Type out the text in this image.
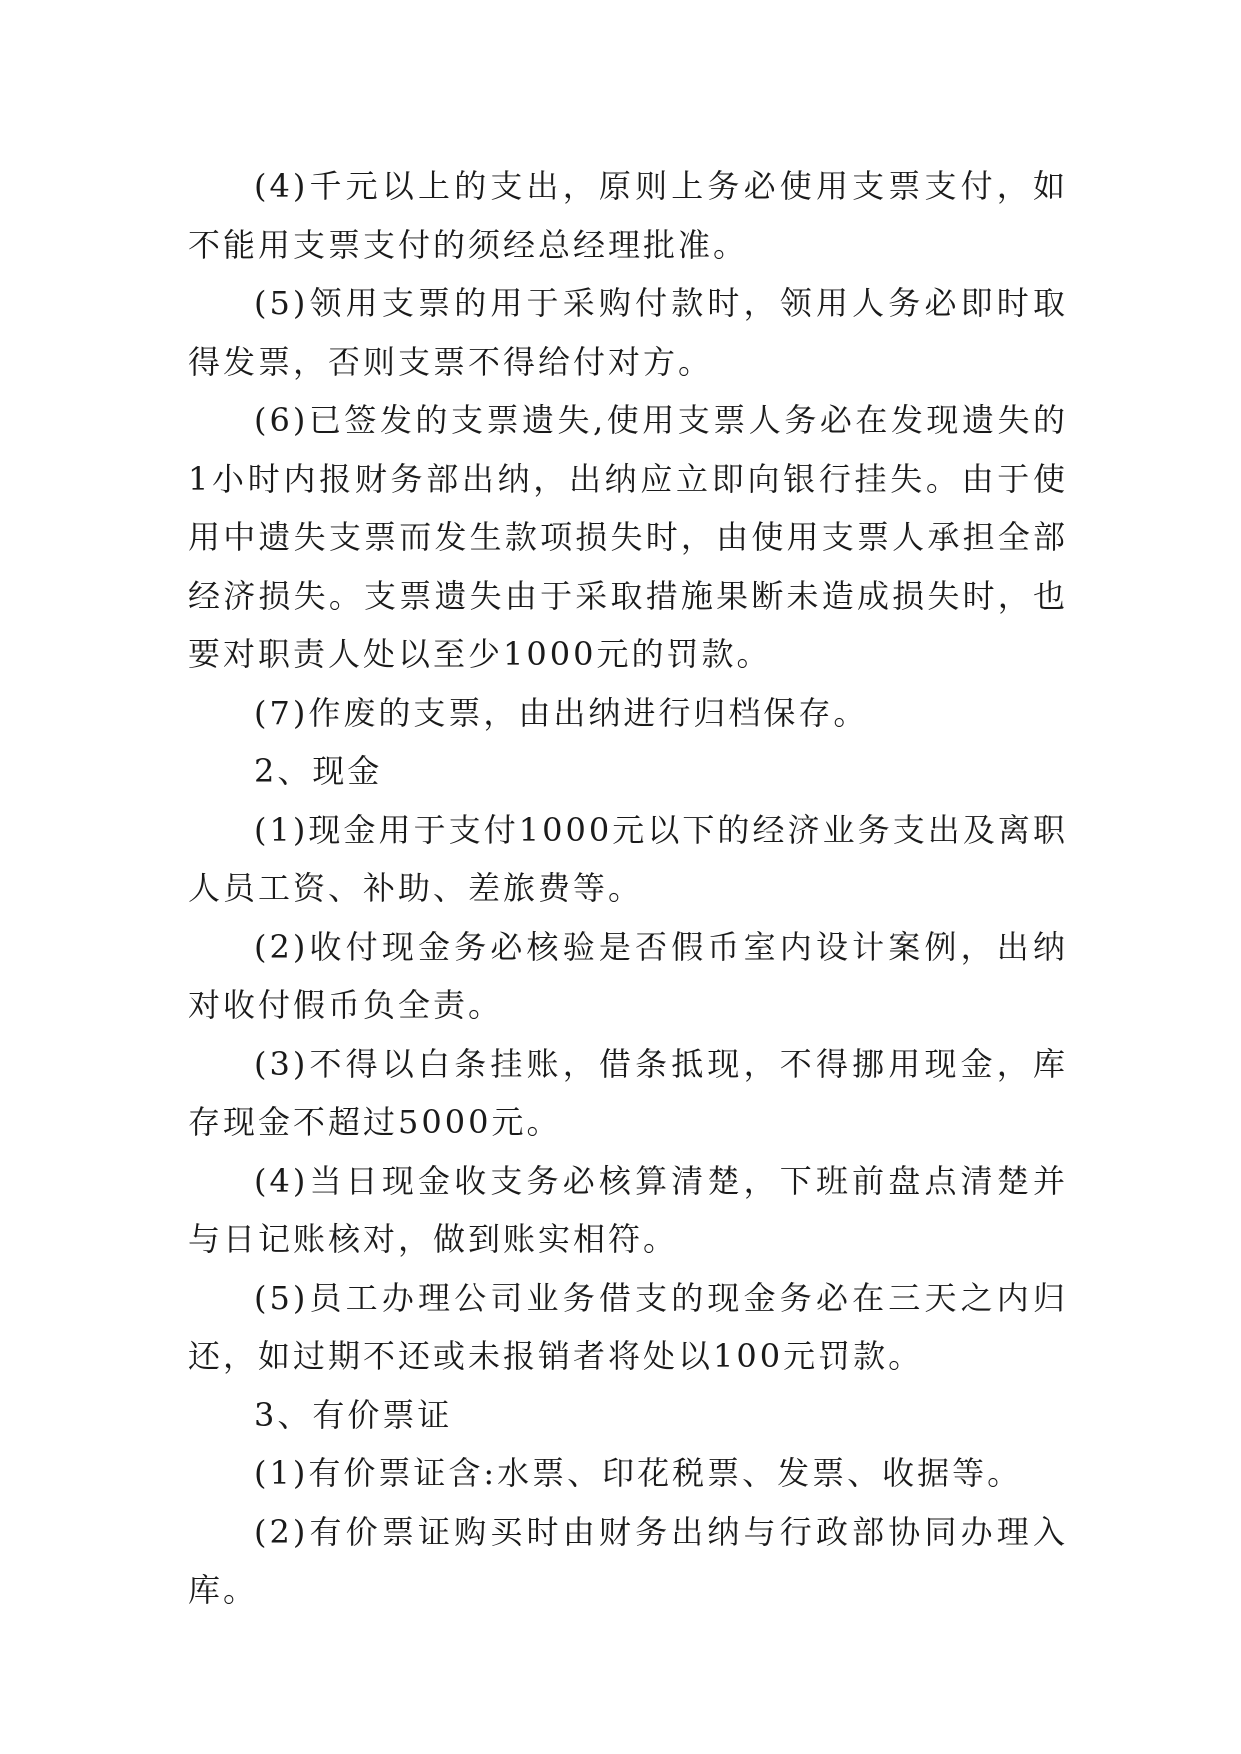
(4)千元以上的支出，原则上务必使用支票支付，如不能用支票支付的须经总经理批准。

(5)领用支票的用于采购付款时，领用人务必即时取得发票，否则支票不得给付对方。

(6)已签发的支票遗失,使用支票人务必在发现遗失的1小时内报财务部出纳，出纳应立即向银行挂失。由于使用中遗失支票而发生款项损失时，由使用支票人承担全部经济损失。支票遗失由于采取措施果断未造成损失时，也要对职责人处以至少1000元的罚款。

(7)作废的支票，由出纳进行归档保存。

2、现金

(1)现金用于支付1000元以下的经济业务支出及离职人员工资、补助、差旅费等。

(2)收付现金务必核验是否假币室内设计案例，出纳对收付假币负全责。

(3)不得以白条挂账，借条抵现，不得挪用现金，库存现金不超过5000元。

(4)当日现金收支务必核算清楚，下班前盘点清楚并与日记账核对，做到账实相符。

(5)员工办理公司业务借支的现金务必在三天之内归还，如过期不还或未报销者将处以100元罚款。

3、有价票证

(1)有价票证含:水票、印花税票、发票、收据等。

(2)有价票证购买时由财务出纳与行政部协同办理入库。
